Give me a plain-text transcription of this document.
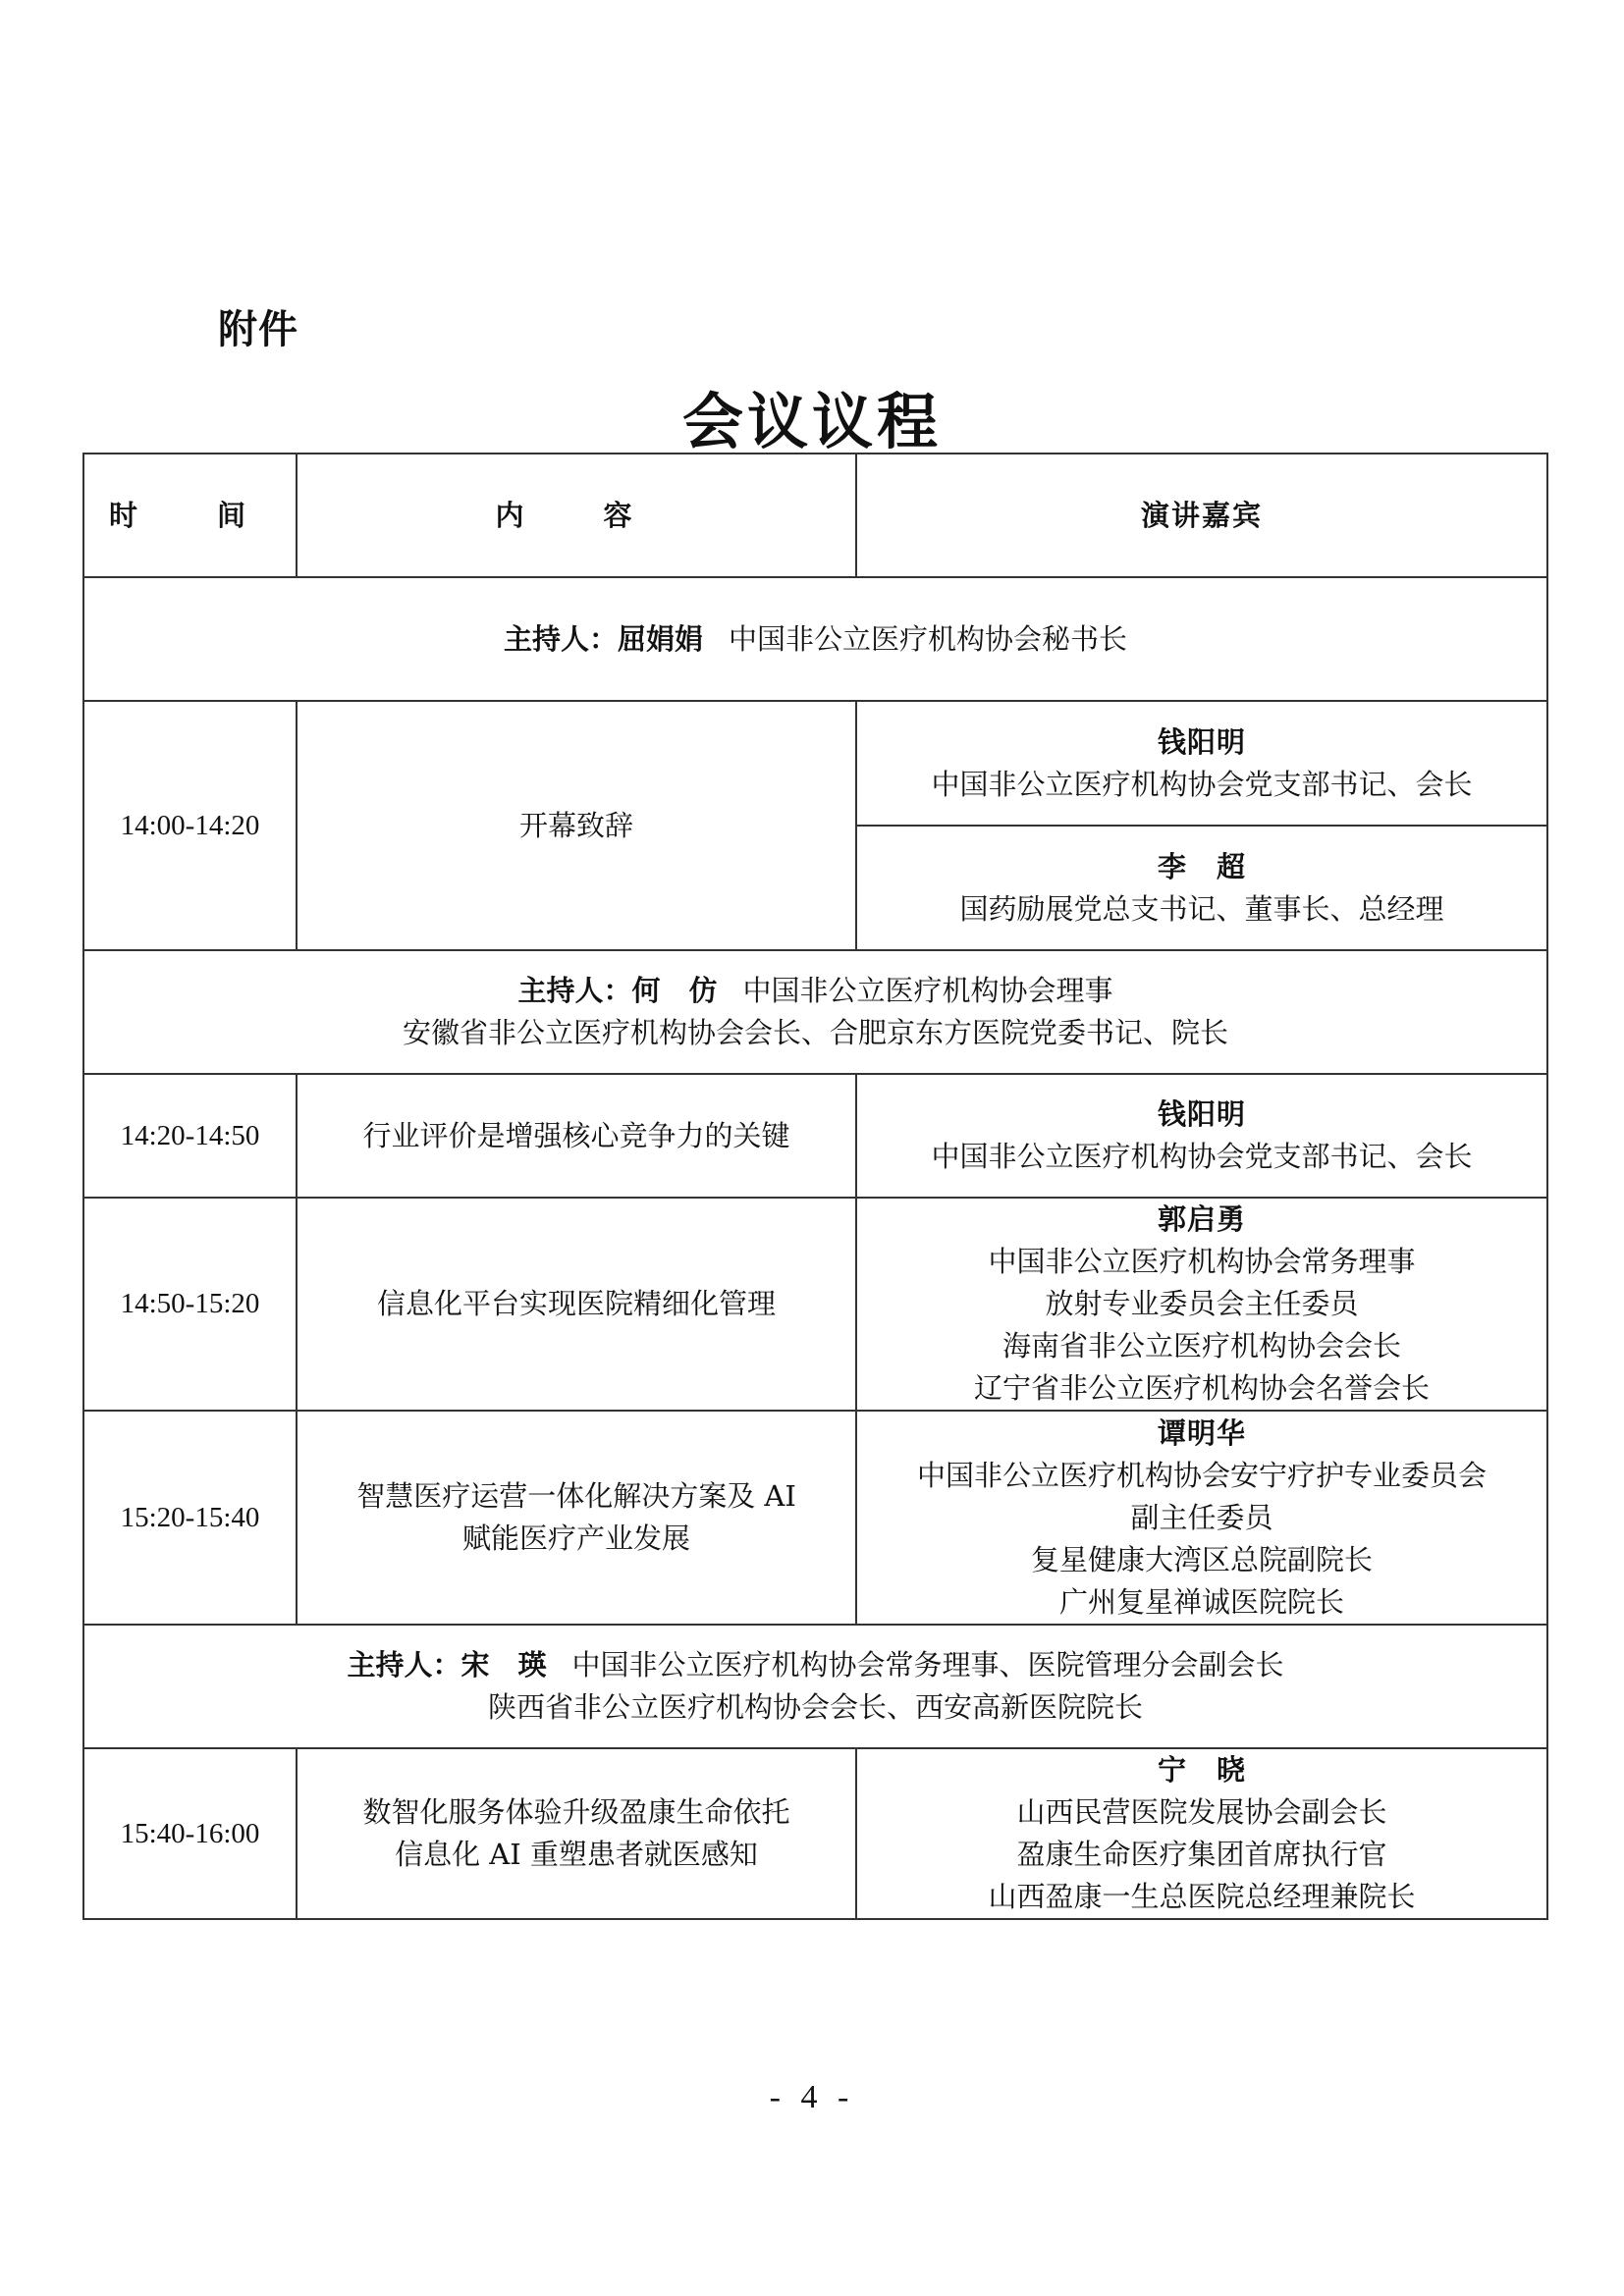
附件
会议议程
时　间	内　容	演讲嘉宾

主持人：屈娟娟 中国非公立医疗机构协会秘书长		

14:00-14:20	开幕致辞	钱阳明
中国非公立医疗机构协会党支部书记、会长

		李　超
国药励展党总支书记、董事长、总经理

主持人：何　仿 中国非公立医疗机构协会理事
安徽省非公立医疗机构协会会长、合肥京东方医院党委书记、院长		

14:20-14:50	行业评价是增强核心竞争力的关键	钱阳明
中国非公立医疗机构协会党支部书记、会长

14:50-15:20	信息化平台实现医院精细化管理	郭启勇
中国非公立医疗机构协会常务理事
放射专业委员会主任委员
海南省非公立医疗机构协会会长
辽宁省非公立医疗机构协会名誉会长

15:20-15:40	智慧医疗运营一体化解决方案及 AI
赋能医疗产业发展	谭明华
中国非公立医疗机构协会安宁疗护专业委员会
副主任委员
复星健康大湾区总院副院长
广州复星禅诚医院院长

主持人：宋　瑛 中国非公立医疗机构协会常务理事、医院管理分会副会长
陕西省非公立医疗机构协会会长、西安高新医院院长		

15:40-16:00	数智化服务体验升级盈康生命依托
信息化 AI 重塑患者就医感知	宁　晓
山西民营医院发展协会副会长
盈康生命医疗集团首席执行官
山西盈康一生总医院总经理兼院长
- 4 -
